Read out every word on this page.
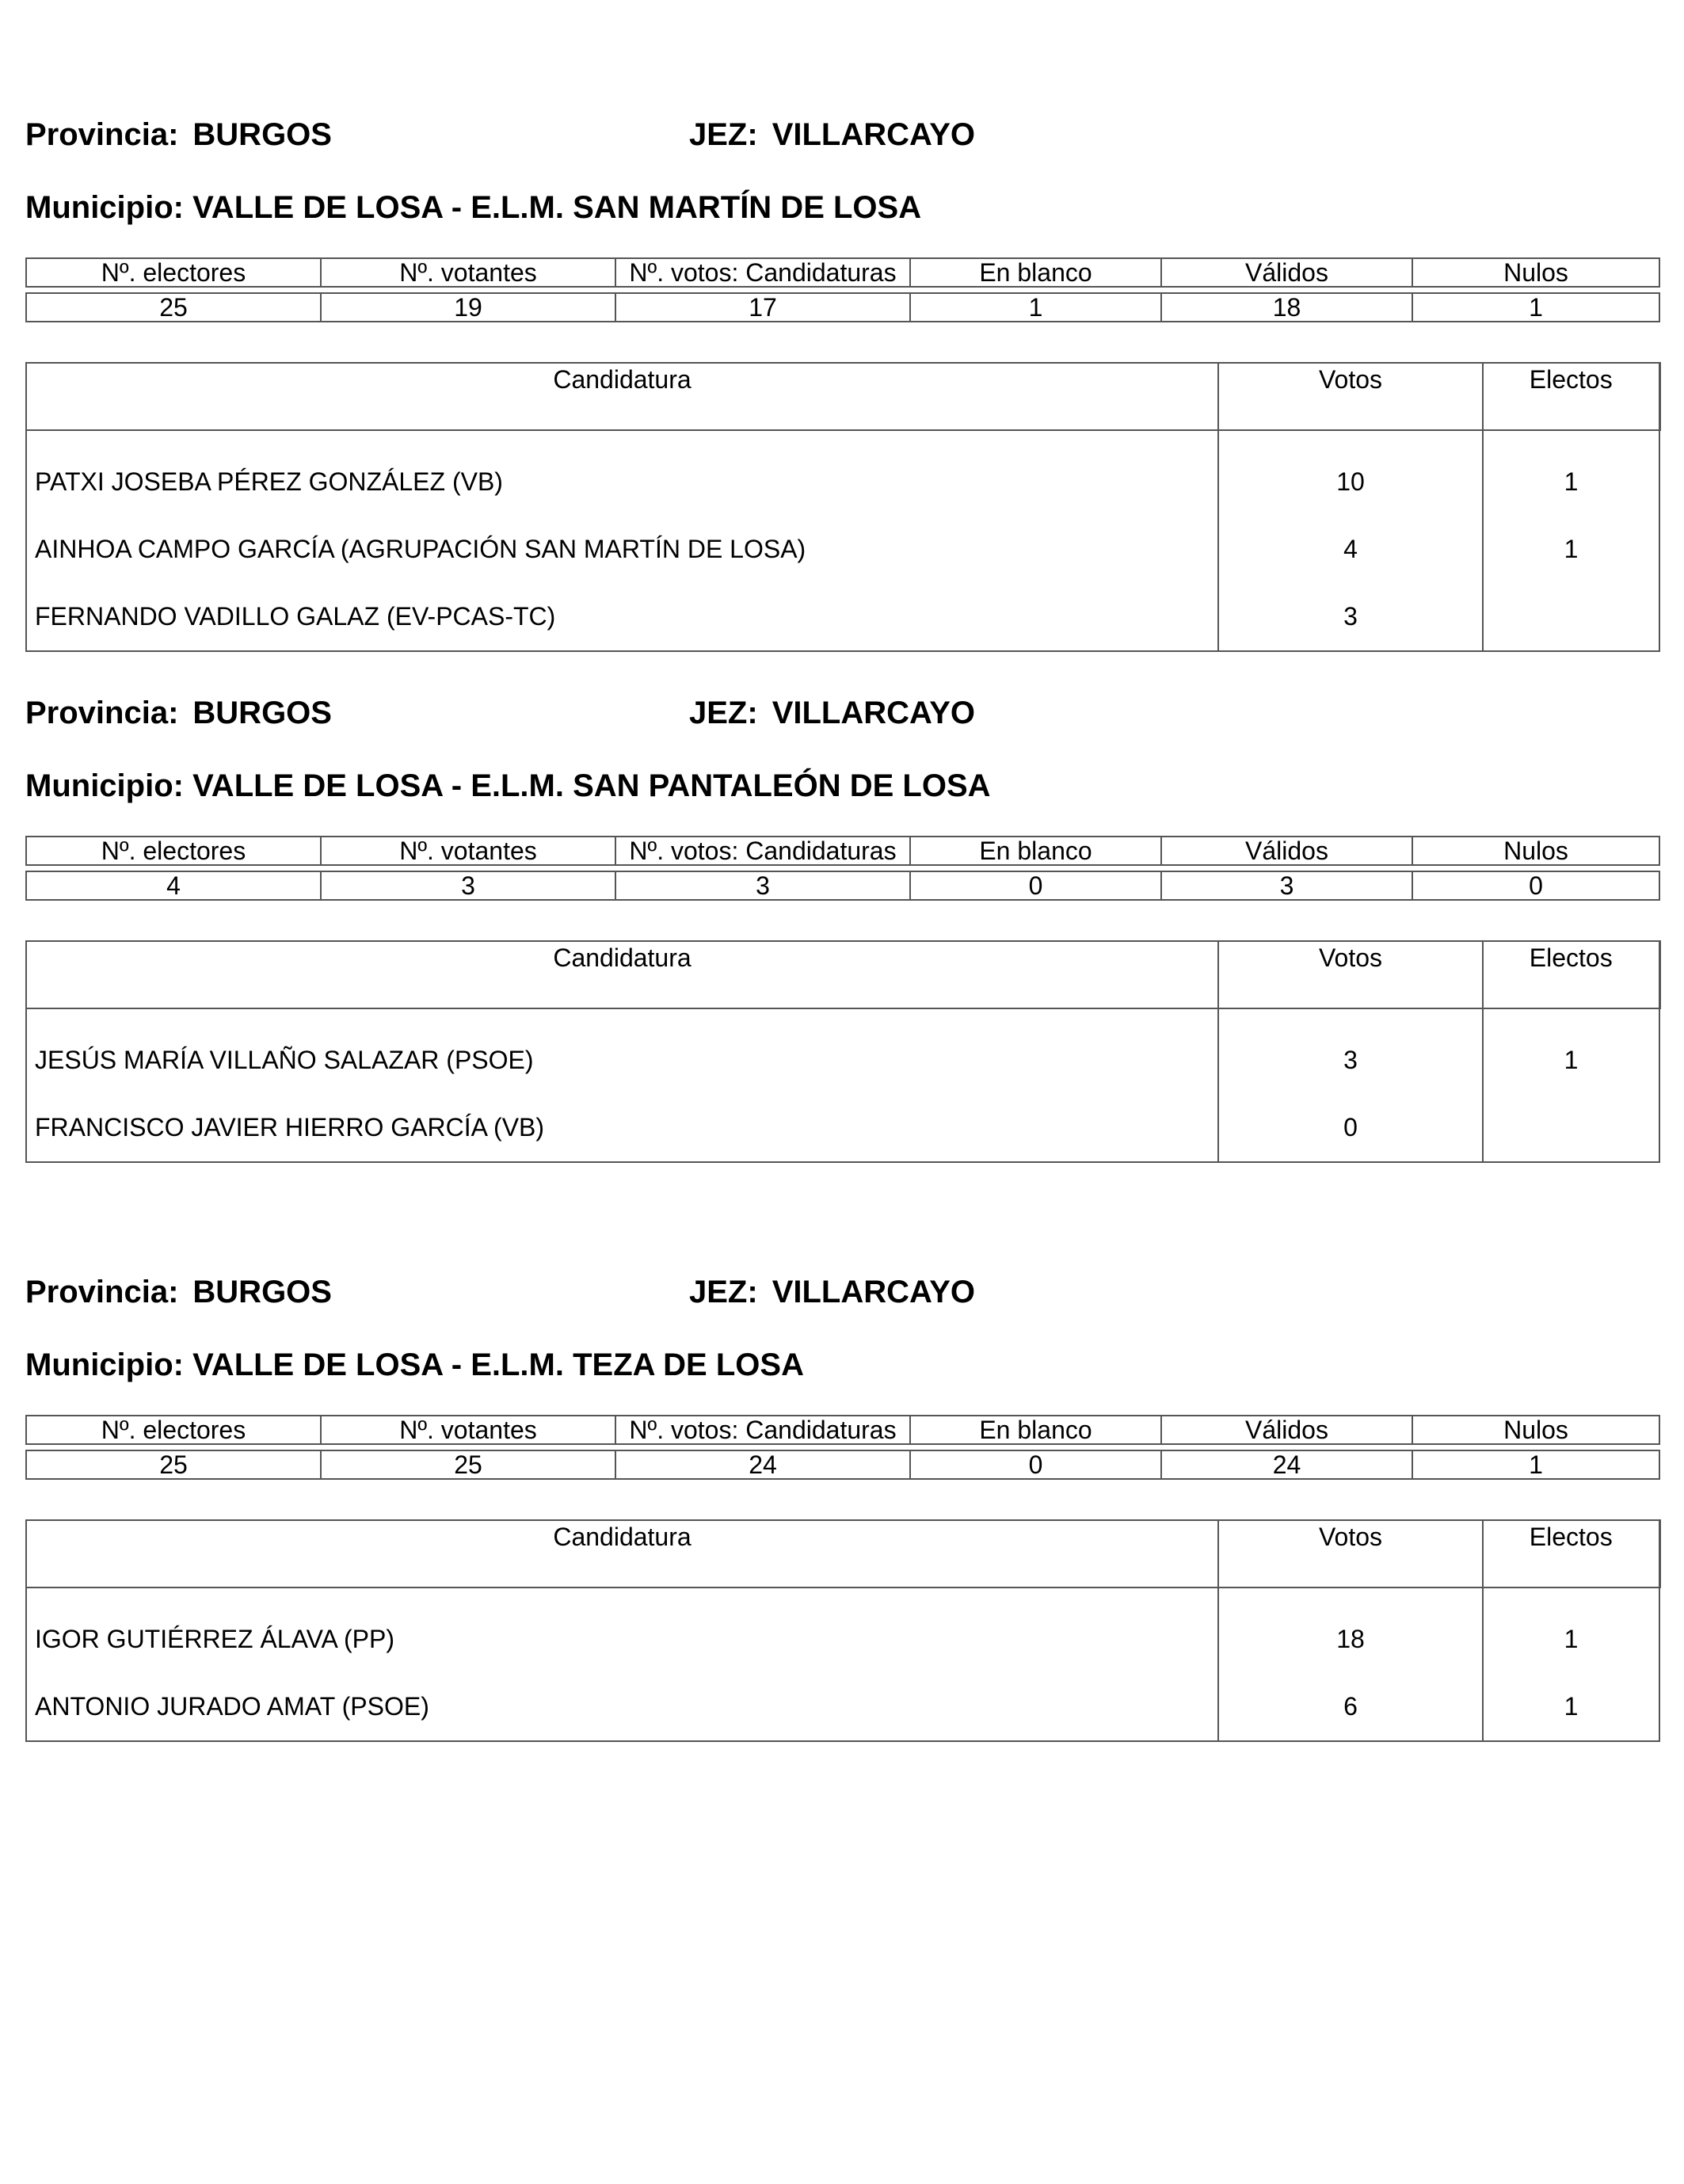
Provincia: BURGOS	JEZ: VILLARCAYO
Municipio: VALLE DE LOSA - E.L.M. SAN MARTÍN DE LOSA
Nº. electores	Nº. votantes	Nº. votos: Candidaturas	En blanco	Válidos	Nulos

25	19	17	1	18	1
Candidatura	Votos	Electos
PATXI JOSEBA PÉREZ GONZÁLEZ (VB)	10	1
AINHOA CAMPO GARCÍA (AGRUPACIÓN SAN MARTÍN DE LOSA)	4	1
FERNANDO VADILLO GALAZ (EV-PCAS-TC)	3	
Provincia: BURGOS	JEZ: VILLARCAYO
Municipio: VALLE DE LOSA - E.L.M. SAN PANTALEÓN DE LOSA
Nº. electores	Nº. votantes	Nº. votos: Candidaturas	En blanco	Válidos	Nulos

4	3	3	0	3	0
Candidatura	Votos	Electos
JESÚS MARÍA VILLAÑO SALAZAR (PSOE)	3	1
FRANCISCO JAVIER HIERRO GARCÍA (VB)	0	
Provincia: BURGOS	JEZ: VILLARCAYO
Municipio: VALLE DE LOSA - E.L.M. TEZA DE LOSA
Nº. electores	Nº. votantes	Nº. votos: Candidaturas	En blanco	Válidos	Nulos

25	25	24	0	24	1
Candidatura	Votos	Electos
IGOR GUTIÉRREZ ÁLAVA (PP)	18	1
ANTONIO JURADO AMAT (PSOE)	6	1
